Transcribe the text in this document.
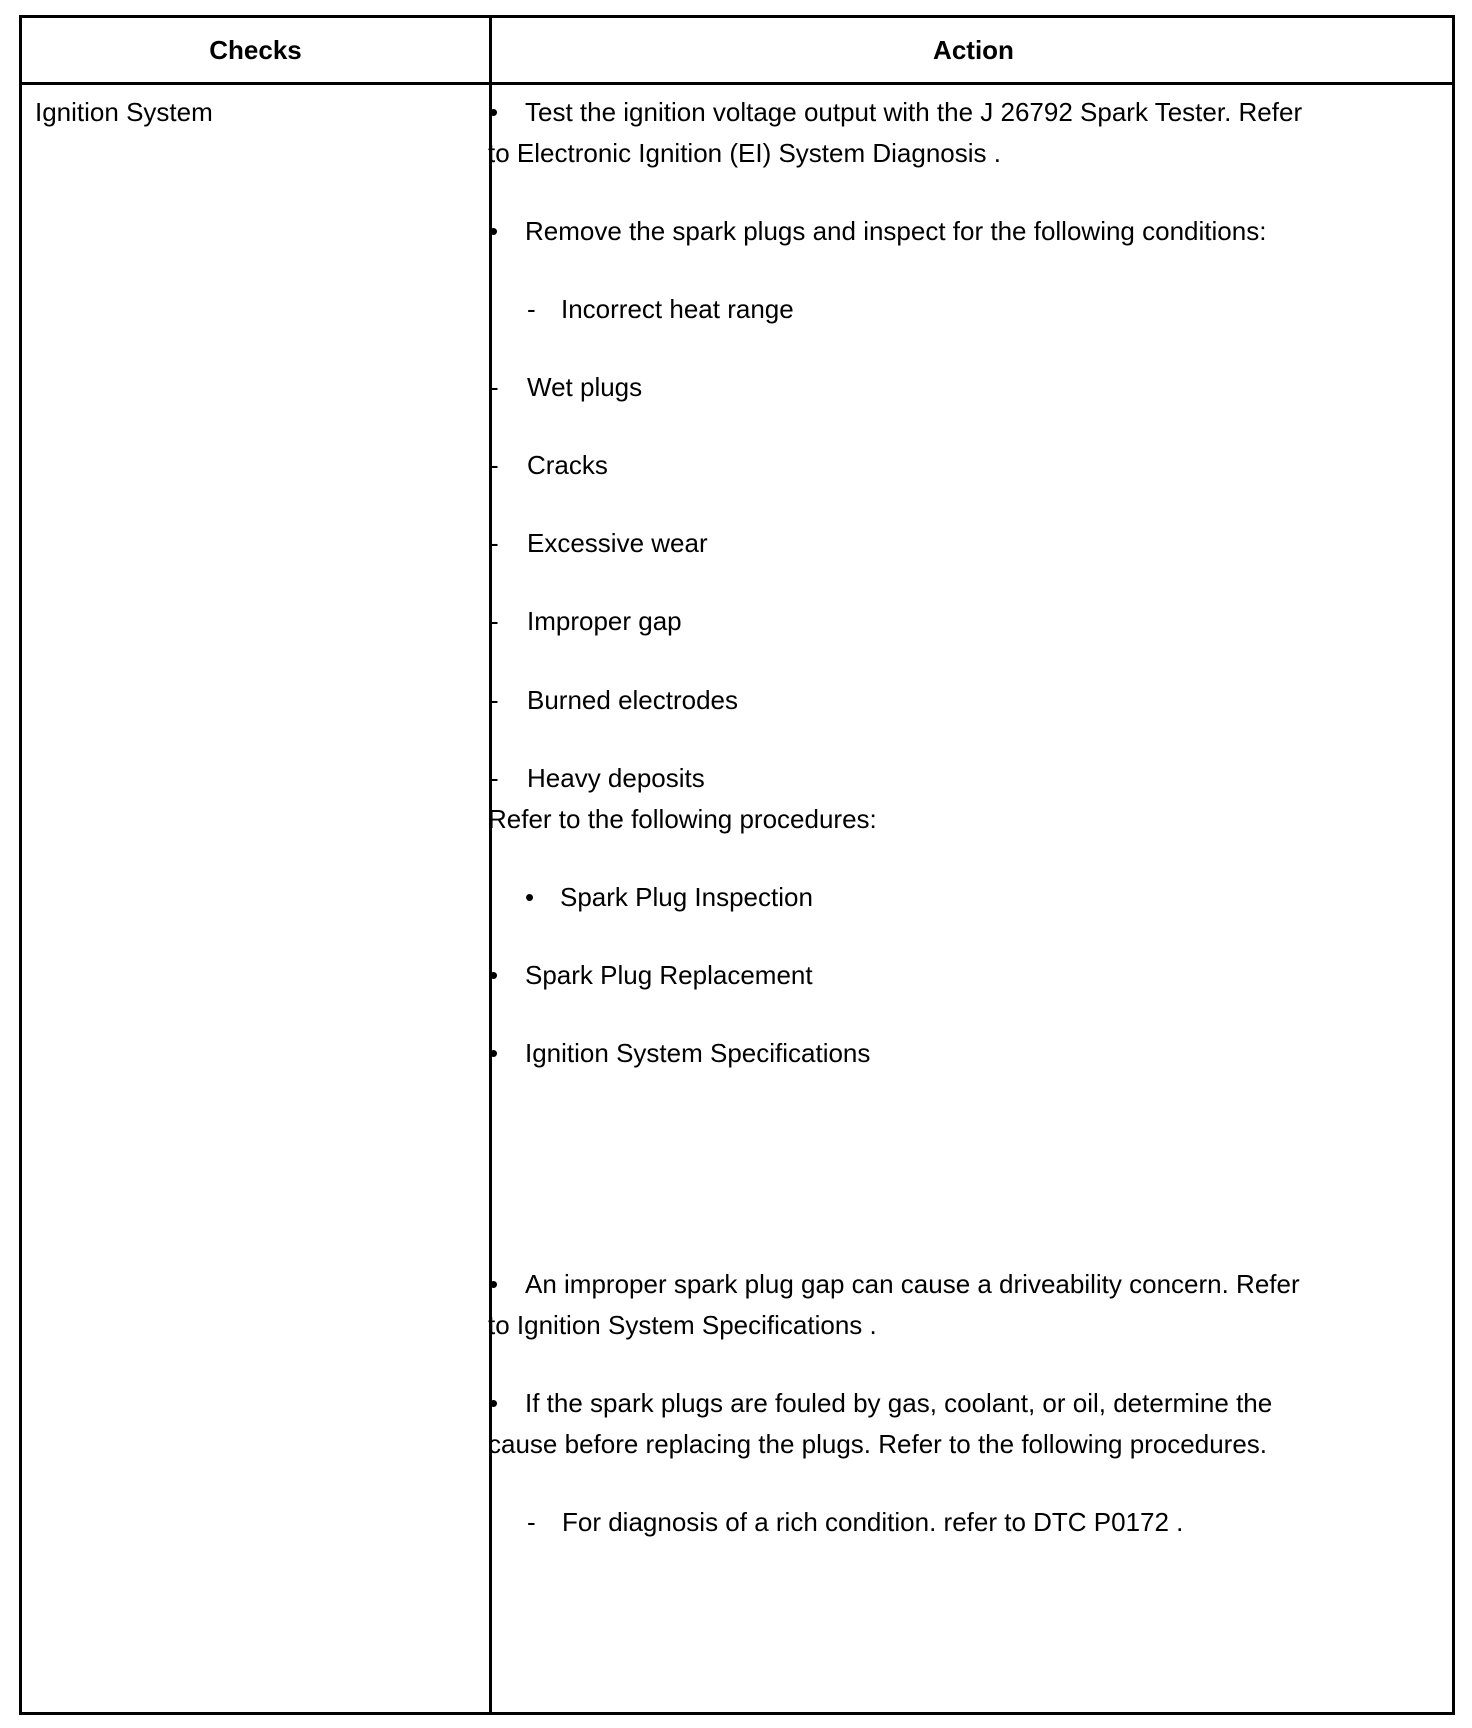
Checks	Action
Ignition System	• Test the ignition voltage output with the J 26792 Spark Tester. Refer
to Electronic Ignition (EI) System Diagnosis .
• Remove the spark plugs and inspect for the following conditions:
- Incorrect heat range
- Wet plugs
- Cracks
- Excessive wear
- Improper gap
- Burned electrodes
- Heavy deposits
Refer to the following procedures:
• Spark Plug Inspection
• Spark Plug Replacement
• Ignition System Specifications
• An improper spark plug gap can cause a driveability concern. Refer
to Ignition System Specifications .
• If the spark plugs are fouled by gas, coolant, or oil, determine the
cause before replacing the plugs. Refer to the following procedures.
- For diagnosis of a rich condition. refer to DTC P0172 .
